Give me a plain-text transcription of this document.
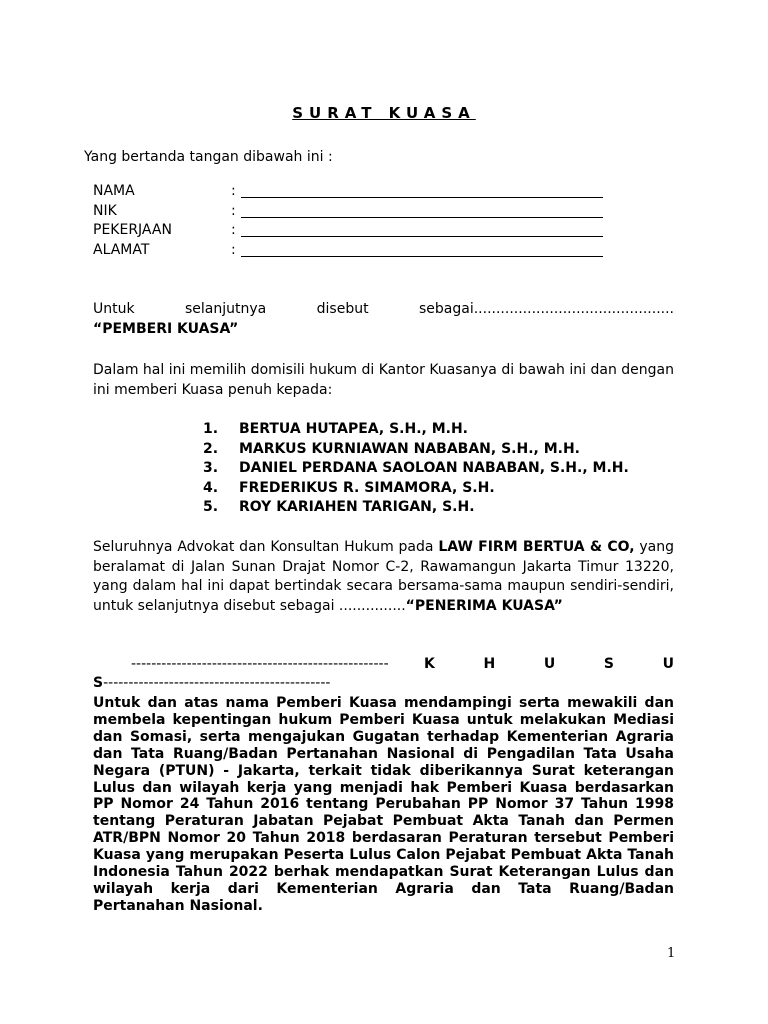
SURAT KUASA
Yang bertanda tangan dibawah ini :
NAMA	:
NIK	:
PEKERJAAN	:
ALAMAT	:
Untuk selanjutnya disebut sebagai.............................................
“PEMBERI KUASA”
Dalam hal ini memilih domisili hukum di Kantor Kuasanya di bawah ini dan dengan ini memberi Kuasa penuh kepada:
1.	BERTUA HUTAPEA, S.H., M.H.
2.	MARKUS KURNIAWAN NABABAN, S.H., M.H.
3.	DANIEL PERDANA SAOLOAN NABABAN, S.H., M.H.
4.	FREDERIKUS R. SIMAMORA, S.H.
5.	ROY KARIAHEN TARIGAN, S.H.
Seluruhnya Advokat dan Konsultan Hukum pada LAW FIRM BERTUA & CO, yang beralamat di Jalan Sunan Drajat Nomor C-2, Rawamangun Jakarta Timur 13220, yang dalam hal ini dapat bertindak secara bersama-sama maupun sendiri-sendiri, untuk selanjutnya disebut sebagai ...............“PENERIMA KUASA”
---------------------------------------------------	K	H	U	S	U
S---------------------------------------------
Untuk dan atas nama Pemberi Kuasa mendampingi serta mewakili dan membela kepentingan hukum Pemberi Kuasa untuk melakukan Mediasi dan Somasi, serta mengajukan Gugatan terhadap Kementerian Agraria dan Tata Ruang/Badan Pertanahan Nasional di Pengadilan Tata Usaha Negara (PTUN) - Jakarta, terkait tidak diberikannya Surat keterangan Lulus dan wilayah kerja yang menjadi hak Pemberi Kuasa berdasarkan PP Nomor 24 Tahun 2016 tentang Perubahan PP Nomor 37 Tahun 1998 tentang Peraturan Jabatan Pejabat Pembuat Akta Tanah dan Permen ATR/BPN Nomor 20 Tahun 2018 berdasaran Peraturan tersebut Pemberi Kuasa yang merupakan Peserta Lulus Calon Pejabat Pembuat Akta Tanah Indonesia Tahun 2022 berhak mendapatkan Surat Keterangan Lulus dan wilayah kerja dari Kementerian Agraria dan Tata Ruang/Badan Pertanahan Nasional.
1
